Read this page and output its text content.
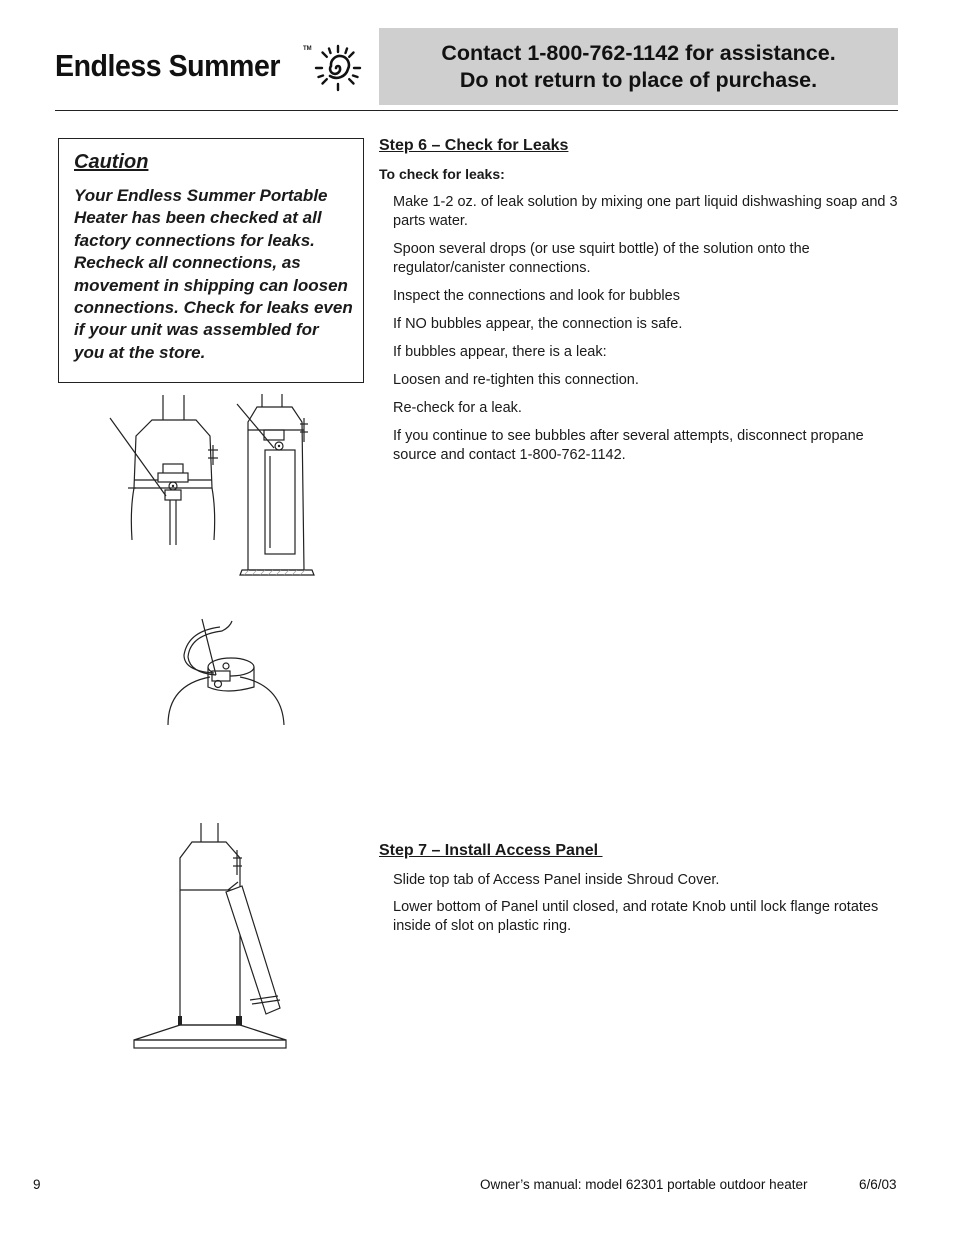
Endless Summer	TM	Contact 1-800-762-1142 for assistance.
Do not return to place of purchase.

Caution

Your Endless Summer Portable Heater has been checked at all factory connections for leaks. Recheck all connections, as movement in shipping can loosen connections. Check for leaks even if your unit was assembled for you at the store.

Step 6 – Check for Leaks
To check for leaks:
Make 1-2 oz. of leak solution by mixing one part liquid dishwashing soap and 3 parts water.
Spoon several drops (or use squirt bottle) of the solution onto the regulator/canister connections.
Inspect the connections and look for bubbles
If NO bubbles appear, the connection is safe.
If bubbles appear, there is a leak:
Loosen and re-tighten this connection.
Re-check for a leak.
If you continue to see bubbles after several attempts, disconnect propane source and contact 1-800-762-1142.
Step 7 – Install Access Panel
Slide top tab of Access Panel inside Shroud Cover.
Lower bottom of Panel until closed, and rotate Knob until lock flange rotates inside of slot on plastic ring.
9	Owner’s manual: model 62301 portable outdoor heater	6/6/03
